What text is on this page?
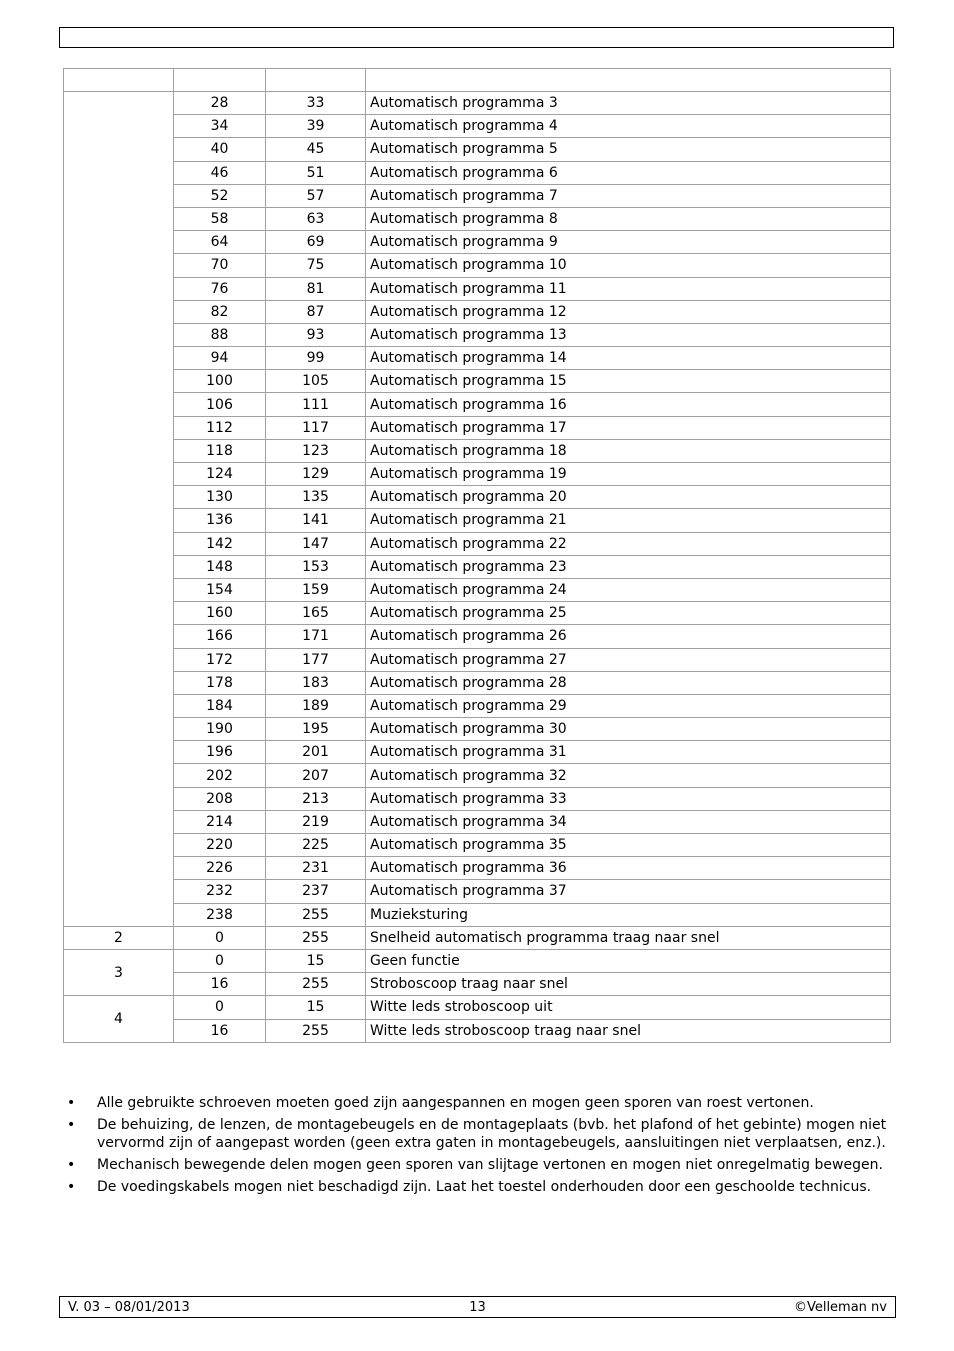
	28	33	Automatisch programma 3
	34	39	Automatisch programma 4
	40	45	Automatisch programma 5
	46	51	Automatisch programma 6
	52	57	Automatisch programma 7
	58	63	Automatisch programma 8
	64	69	Automatisch programma 9
	70	75	Automatisch programma 10
	76	81	Automatisch programma 11
	82	87	Automatisch programma 12
	88	93	Automatisch programma 13
	94	99	Automatisch programma 14
	100	105	Automatisch programma 15
	106	111	Automatisch programma 16
	112	117	Automatisch programma 17
	118	123	Automatisch programma 18
	124	129	Automatisch programma 19
	130	135	Automatisch programma 20
	136	141	Automatisch programma 21
	142	147	Automatisch programma 22
	148	153	Automatisch programma 23
	154	159	Automatisch programma 24
	160	165	Automatisch programma 25
	166	171	Automatisch programma 26
	172	177	Automatisch programma 27
	178	183	Automatisch programma 28
	184	189	Automatisch programma 29
	190	195	Automatisch programma 30
	196	201	Automatisch programma 31
	202	207	Automatisch programma 32
	208	213	Automatisch programma 33
	214	219	Automatisch programma 34
	220	225	Automatisch programma 35
	226	231	Automatisch programma 36
	232	237	Automatisch programma 37
	238	255	Muzieksturing
2	0	255	Snelheid automatisch programma traag naar snel
3	0	15	Geen functie
	16	255	Stroboscoop traag naar snel
4	0	15	Witte leds stroboscoop uit
	16	255	Witte leds stroboscoop traag naar snel
• Alle gebruikte schroeven moeten goed zijn aangespannen en mogen geen sporen van roest vertonen.
• De behuizing, de lenzen, de montagebeugels en de montageplaats (bvb. het plafond of het gebinte) mogen niet vervormd zijn of aangepast worden (geen extra gaten in montagebeugels, aansluitingen niet verplaatsen, enz.).
• Mechanisch bewegende delen mogen geen sporen van slijtage vertonen en mogen niet onregelmatig bewegen.
• De voedingskabels mogen niet beschadigd zijn. Laat het toestel onderhouden door een geschoolde technicus.
V. 03 – 08/01/2013	13	©Velleman nv
